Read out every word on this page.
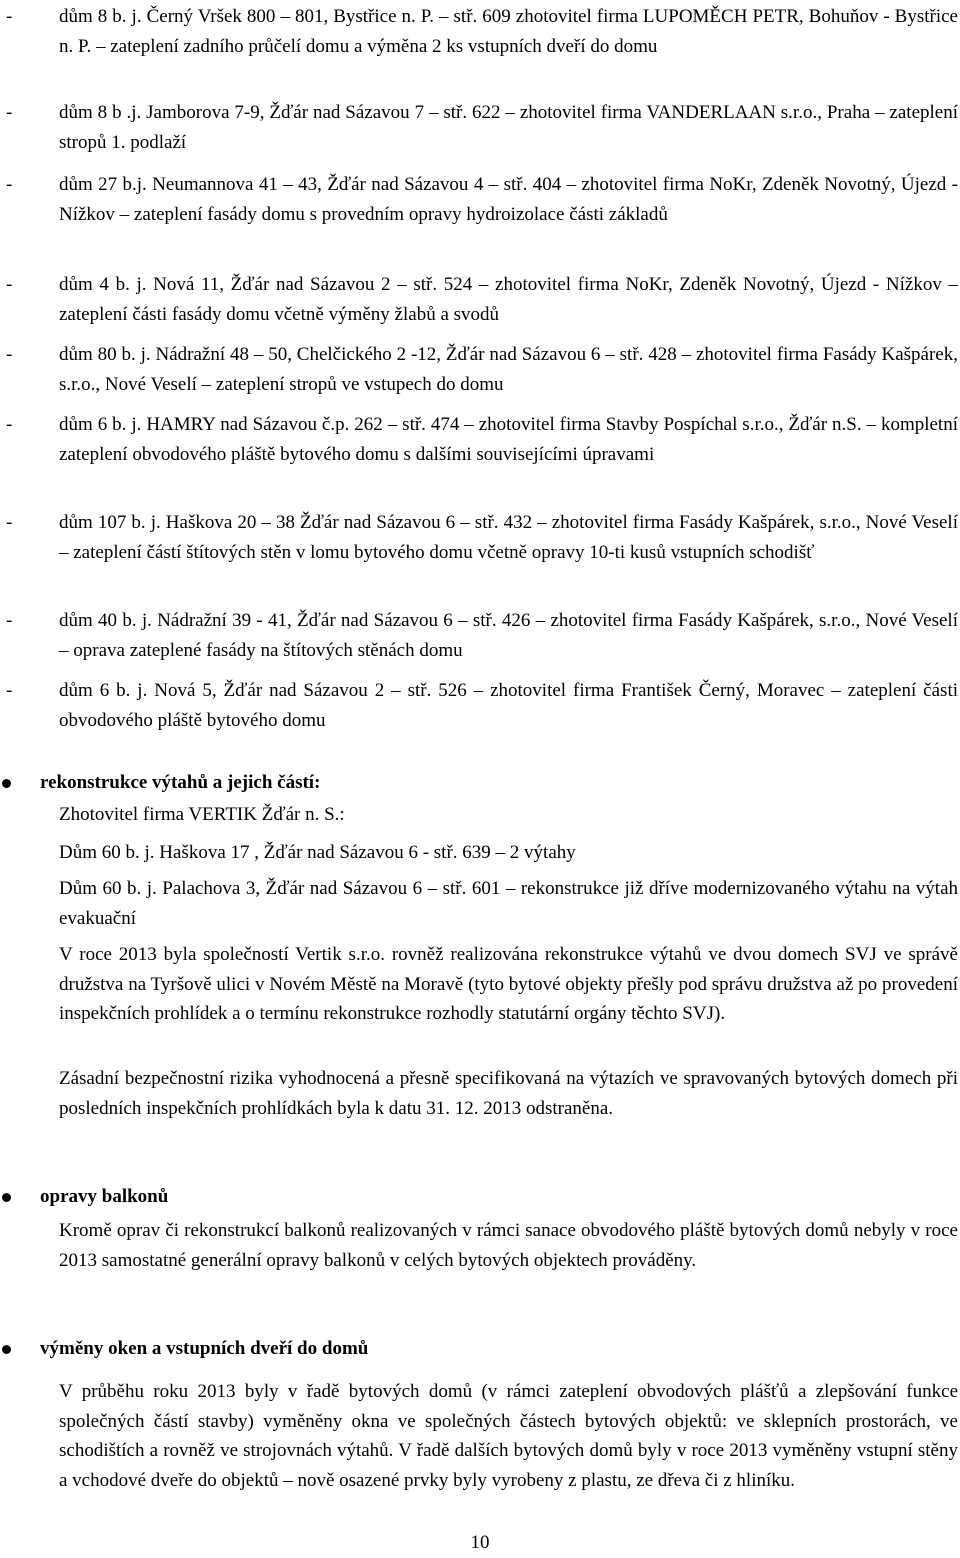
-	dům 8 b. j. Černý Vršek 800 – 801, Bystřice n. P. – stř. 609 zhotovitel firma LUPOMĚCH PETR, Bohuňov - Bystřice n. P. – zateplení zadního průčelí domu a výměna 2 ks vstupních dveří do domu
-	dům 8 b .j. Jamborova 7-9, Žďár nad Sázavou 7 – stř. 622 – zhotovitel firma VANDERLAAN s.r.o., Praha – zateplení stropů 1. podlaží
-	dům 27 b.j. Neumannova 41 – 43, Žďár nad Sázavou 4 – stř. 404 – zhotovitel firma NoKr, Zdeněk Novotný, Újezd - Nížkov – zateplení fasády domu s provedním opravy hydroizolace části základů
-	dům 4 b. j. Nová 11, Žďár nad Sázavou 2 – stř. 524 – zhotovitel firma NoKr, Zdeněk Novotný, Újezd - Nížkov – zateplení části fasády domu včetně výměny žlabů a svodů
-	dům 80 b. j. Nádražní 48 – 50, Chelčického 2 -12, Žďár nad Sázavou 6 – stř. 428 – zhotovitel firma Fasády Kašpárek, s.r.o., Nové Veselí – zateplení stropů ve vstupech do domu
-	dům 6 b. j. HAMRY nad Sázavou č.p. 262 – stř. 474 – zhotovitel firma Stavby Pospíchal s.r.o., Žďár n.S. – kompletní zateplení obvodového pláště bytového domu s dalšími souvisejícími úpravami
-	dům 107 b. j. Haškova 20 – 38 Žďár nad Sázavou 6 – stř. 432 – zhotovitel firma Fasády Kašpárek, s.r.o., Nové Veselí – zateplení částí štítových stěn v lomu bytového domu včetně opravy 10-ti kusů vstupních schodišť
-	dům 40 b. j. Nádražní 39 - 41, Žďár nad Sázavou 6 – stř. 426 – zhotovitel firma Fasády Kašpárek, s.r.o., Nové Veselí – oprava zateplené fasády na štítových stěnách domu
-	dům 6 b. j. Nová 5, Žďár nad Sázavou 2 – stř. 526 – zhotovitel firma František Černý, Moravec – zateplení části obvodového pláště bytového domu
rekonstrukce výtahů a jejich částí:
Zhotovitel firma VERTIK Žďár n. S.:
Dům 60 b. j. Haškova 17 , Žďár nad Sázavou 6 - stř. 639 – 2 výtahy
Dům 60 b. j. Palachova 3, Žďár nad Sázavou 6 – stř. 601 – rekonstrukce již dříve modernizovaného výtahu na výtah evakuační
V roce 2013 byla společností Vertik s.r.o. rovněž realizována rekonstrukce výtahů ve dvou domech SVJ ve správě družstva na Tyršově ulici v Novém Městě na Moravě (tyto bytové objekty přešly pod správu družstva až po provedení inspekčních prohlídek a o termínu rekonstrukce rozhodly statutární orgány těchto SVJ).
Zásadní bezpečnostní rizika vyhodnocená a přesně specifikovaná na výtazích ve spravovaných bytových domech při posledních inspekčních prohlídkách byla k datu 31. 12. 2013 odstraněna.
opravy balkonů
Kromě oprav či rekonstrukcí balkonů realizovaných v rámci sanace obvodového pláště bytových domů nebyly v roce 2013 samostatné generální opravy balkonů v celých bytových objektech prováděny.
výměny oken a vstupních dveří do domů
V průběhu roku 2013 byly v řadě bytových domů (v rámci zateplení obvodových plášťů a zlepšování funkce společných částí stavby) vyměněny okna ve společných částech bytových objektů: ve sklepních prostorách, ve schodištích a rovněž ve strojovnách výtahů. V řadě dalších bytových domů byly v roce 2013 vyměněny vstupní stěny a vchodové dveře do objektů – nově osazené prvky byly vyrobeny z plastu, ze dřeva či z hliníku.
10
